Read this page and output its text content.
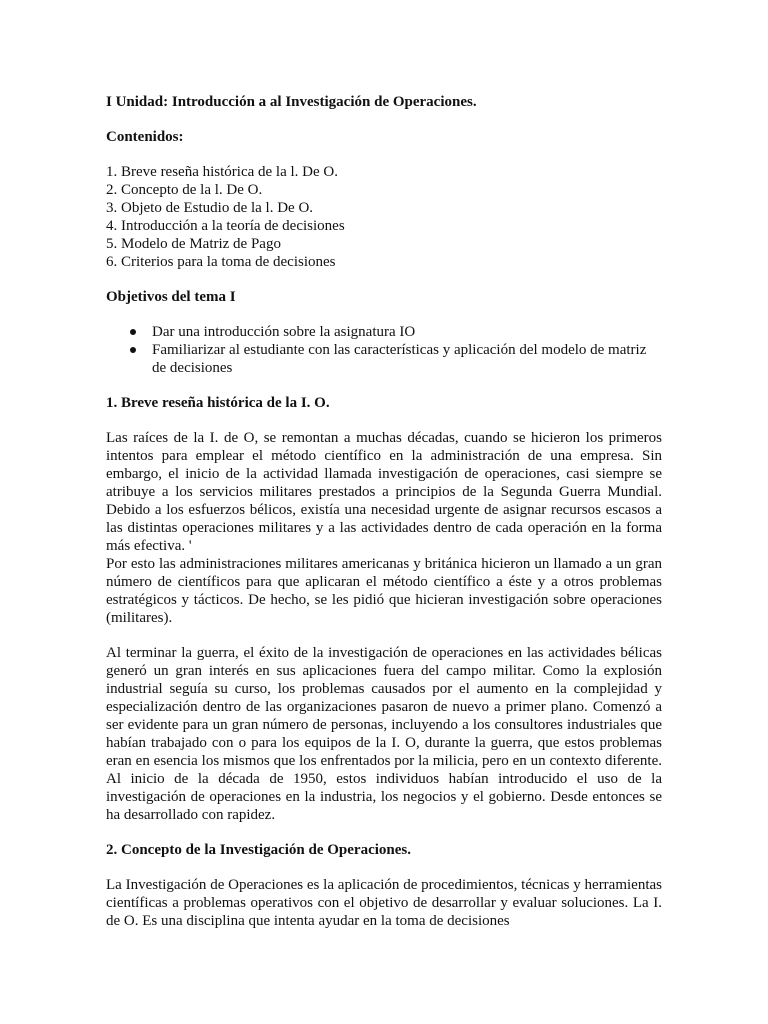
I Unidad: Introducción a al Investigación de Operaciones.

Contenidos:

1. Breve reseña histórica de la l. De O.
2. Concepto de la l. De O.
3. Objeto de Estudio de la l. De O.
4. Introducción a la teoría de decisiones
5. Modelo de Matriz de Pago
6. Criterios para la toma de decisiones

Objetivos del tema I

Dar una introducción sobre la asignatura IO
Familiarizar al estudiante con las características y aplicación del modelo de matriz de decisiones

1. Breve reseña histórica de la I. O.

Las raíces de la I. de O, se remontan a muchas décadas, cuando se hicieron los primeros intentos para emplear el método científico en la administración de una empresa. Sin embargo, el inicio de la actividad llamada investigación de operaciones, casi siempre se atribuye a los servicios militares prestados a principios de la Segunda Guerra Mundial. Debido a los esfuerzos bélicos, existía una necesidad urgente de asignar recursos escasos a las distintas operaciones militares y a las actividades dentro de cada operación en la forma más efectiva. '

Por esto las administraciones militares americanas y británica hicieron un llamado a un gran número de científicos para que aplicaran el método científico a éste y a otros problemas estratégicos y tácticos. De hecho, se les pidió que hicieran investigación sobre operaciones (militares).

Al terminar la guerra, el éxito de la investigación de operaciones en las actividades bélicas generó un gran interés en sus aplicaciones fuera del campo militar. Como la explosión industrial seguía su curso, los problemas causados por el aumento en la complejidad y especialización dentro de las organizaciones pasaron de nuevo a primer plano. Comenzó a ser evidente para un gran número de personas, incluyendo a los consultores industriales que habían trabajado con o para los equipos de la I. O, durante la guerra, que estos problemas eran en esencia los mismos que los enfrentados por la milicia, pero en un contexto diferente. Al inicio de la década de 1950, estos individuos habían introducido el uso de la investigación de operaciones en la industria, los negocios y el gobierno. Desde entonces se ha desarrollado con rapidez.

2. Concepto de la Investigación de Operaciones.

La Investigación de Operaciones es la aplicación de procedimientos, técnicas y herramientas científicas a problemas operativos con el objetivo de desarrollar y evaluar soluciones. La I. de O. Es una disciplina que intenta ayudar en la toma de decisiones
